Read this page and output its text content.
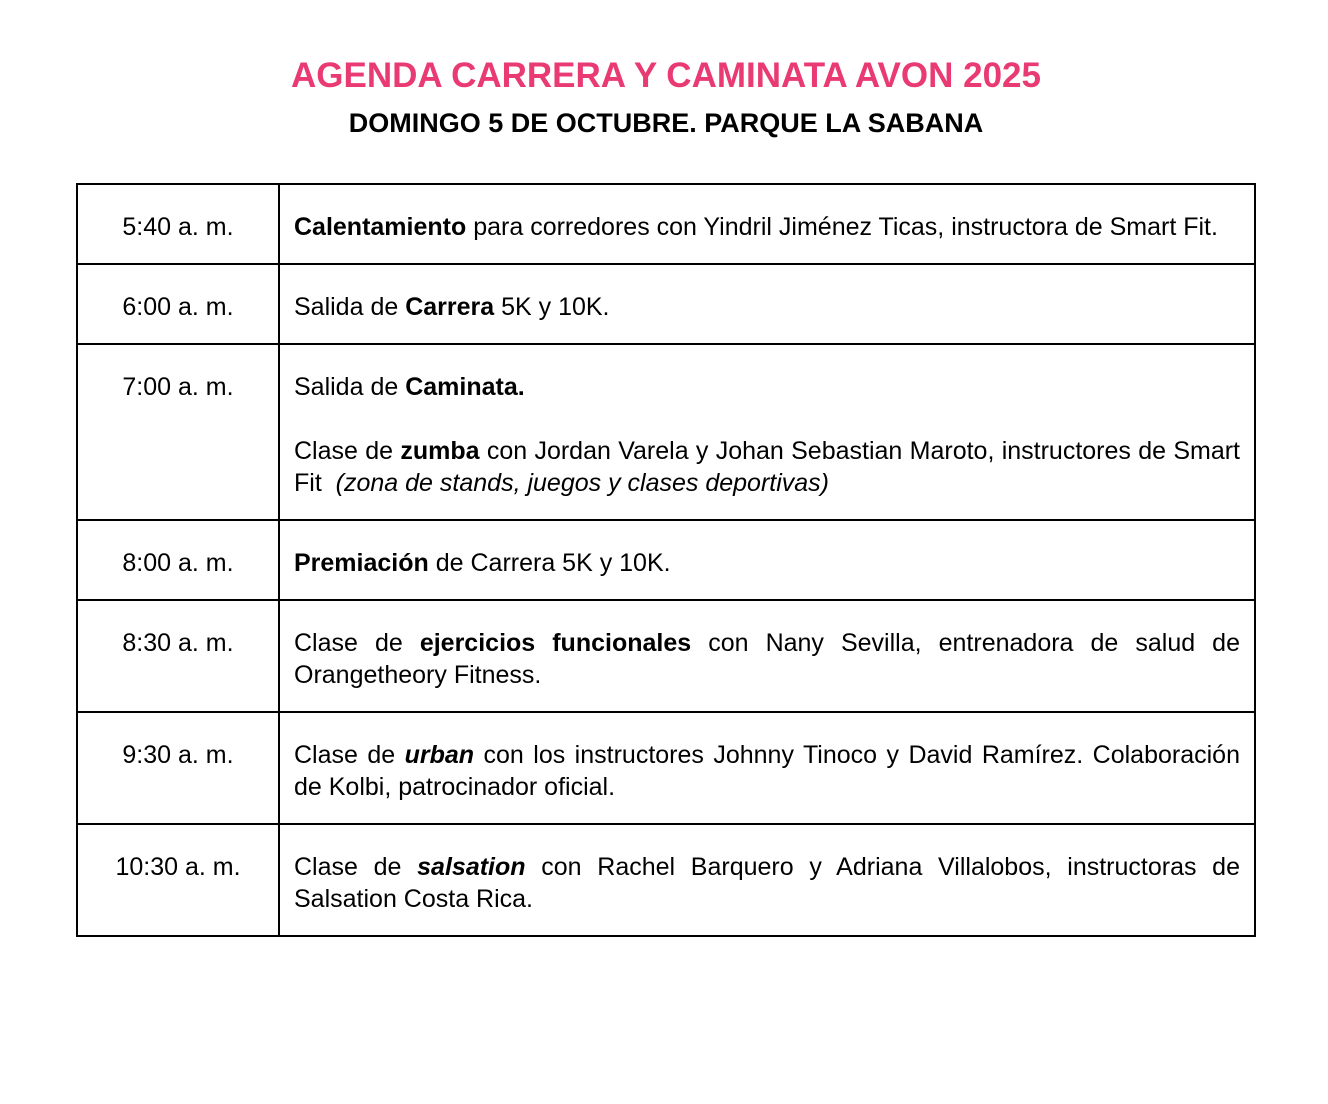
AGENDA CARRERA Y CAMINATA AVON 2025
DOMINGO 5 DE OCTUBRE. PARQUE LA SABANA
5:40 a. m.	Calentamiento para corredores con Yindril Jiménez Ticas, instructora de Smart Fit.

6:00 a. m.	Salida de Carrera 5K y 10K.

7:00 a. m.	Salida de Caminata.
Clase de zumba con Jordan Varela y Johan Sebastian Maroto, instructores de Smart Fit  (zona de stands, juegos y clases deportivas)

8:00 a. m.	Premiación de Carrera 5K y 10K.

8:30 a. m.	Clase de ejercicios funcionales con Nany Sevilla, entrenadora de salud de Orangetheory Fitness.

9:30 a. m.	Clase de urban con los instructores Johnny Tinoco y David Ramírez. Colaboración de Kolbi, patrocinador oficial.

10:30 a. m.	Clase de salsation con Rachel Barquero y Adriana Villalobos, instructoras de Salsation Costa Rica.
